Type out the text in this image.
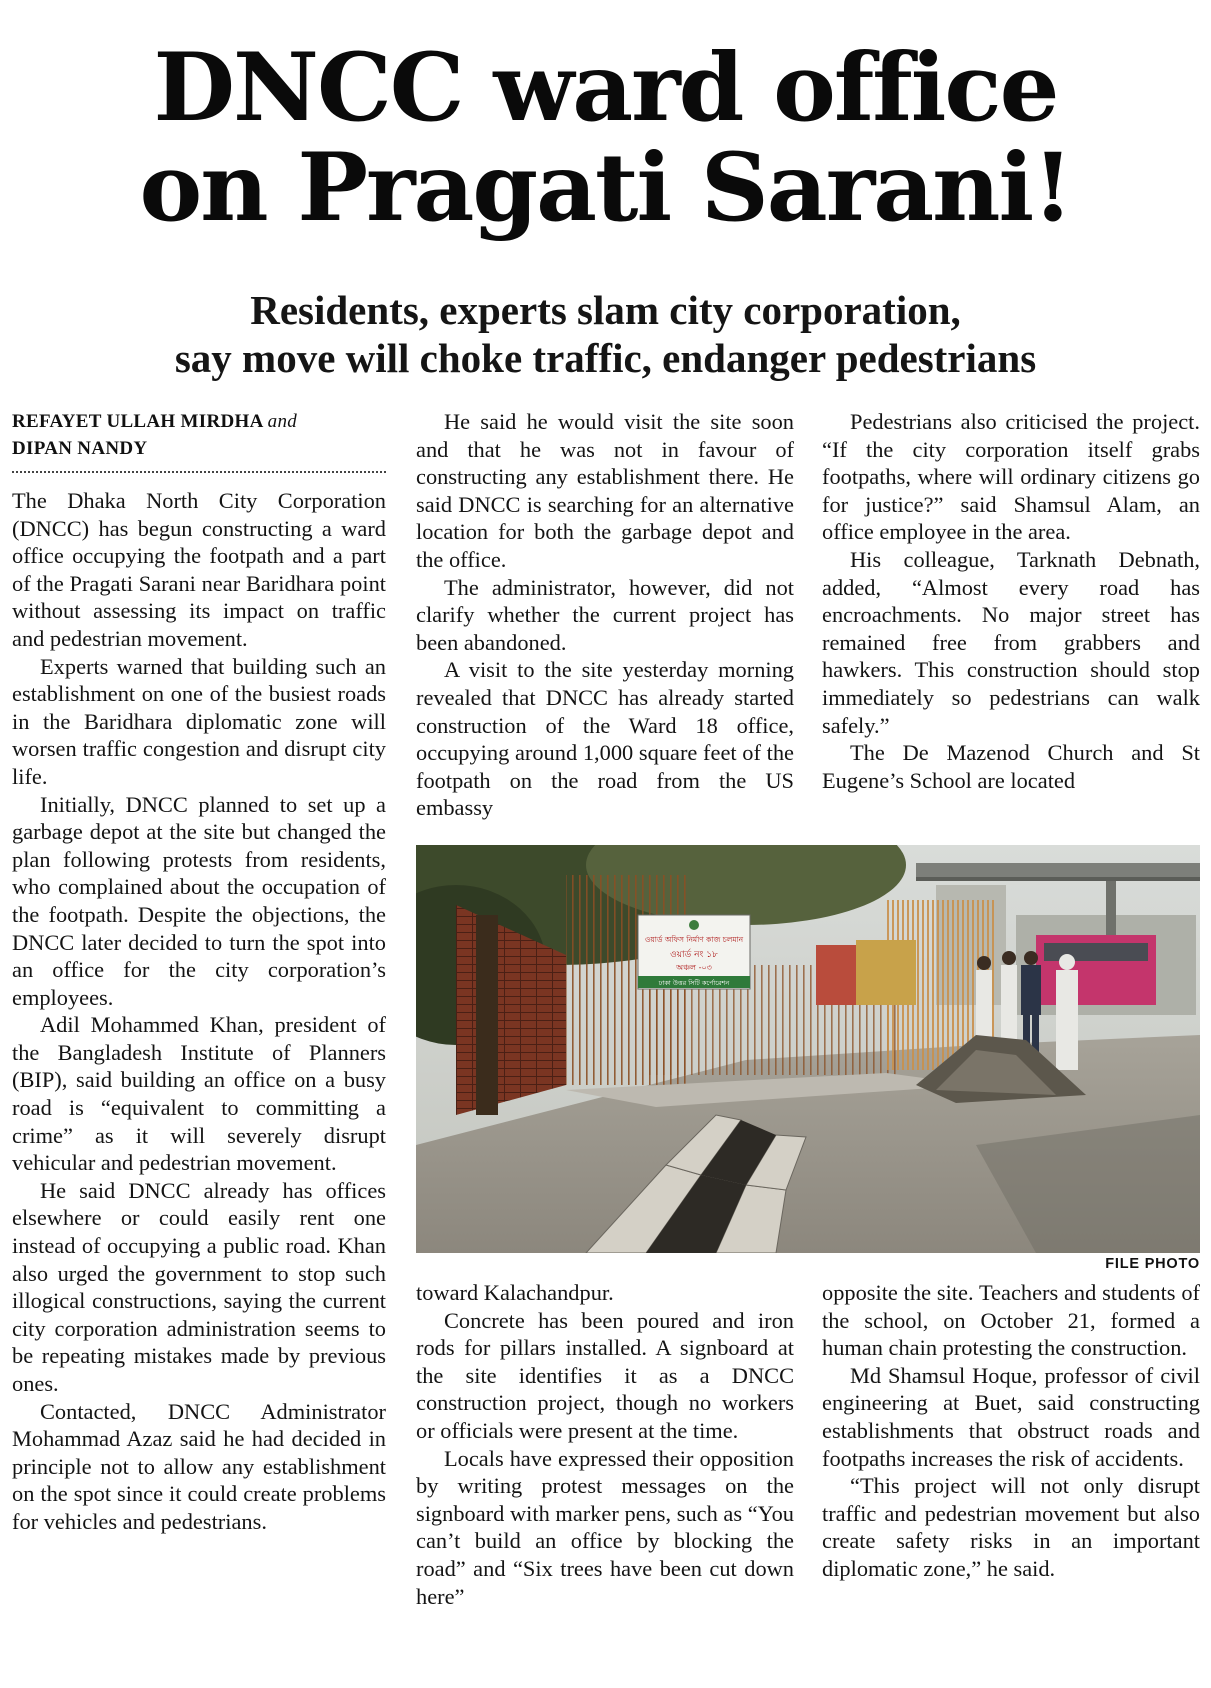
DNCC ward office
on Pragati Sarani!
Residents, experts slam city corporation,
say move will choke traffic, endanger pedestrians
REFAYET ULLAH MIRDHA and
DIPAN NANDY

The Dhaka North City Corporation (DNCC) has begun constructing a ward office occupying the footpath and a part of the Pragati Sarani near Baridhara point without assessing its impact on traffic and pedestrian movement.

Experts warned that building such an establishment on one of the busiest roads in the Baridhara diplomatic zone will worsen traffic congestion and disrupt city life.

Initially, DNCC planned to set up a garbage depot at the site but changed the plan following protests from residents, who complained about the occupation of the footpath. Despite the objections, the DNCC later decided to turn the spot into an office for the city corporation’s employees.

Adil Mohammed Khan, president of the Bangladesh Institute of Planners (BIP), said building an office on a busy road is “equivalent to committing a crime” as it will severely disrupt vehicular and pedestrian movement.

He said DNCC already has offices elsewhere or could easily rent one instead of occupying a public road. Khan also urged the government to stop such illogical constructions, saying the current city corporation administration seems to be repeating mistakes made by previous ones.

Contacted, DNCC Administrator Mohammad Azaz said he had decided in principle not to allow any establishment on the spot since it could create problems for vehicles and pedestrians.

He said he would visit the site soon and that he was not in favour of constructing any establishment there. He said DNCC is searching for an alternative location for both the garbage depot and the office.

The administrator, however, did not clarify whether the current project has been abandoned.

A visit to the site yesterday morning revealed that DNCC has already started construction of the Ward 18 office, occupying around 1,000 square feet of the footpath on the road from the US embassy

Pedestrians also criticised the project. “If the city corporation itself grabs footpaths, where will ordinary citizens go for justice?” said Shamsul Alam, an office employee in the area.

His colleague, Tarknath Debnath, added, “Almost every road has encroachments. No major street has remained free from grabbers and hawkers. This construction should stop immediately so pedestrians can walk safely.”

The De Mazenod Church and St Eugene’s School are located

ওয়ার্ড অফিস নির্মাণ কাজ চলমান
ওয়ার্ড নং ১৮
অঞ্চল -০৩
ঢাকা উত্তর সিটি কর্পোরেশন
FILE PHOTO

toward Kalachandpur.

Concrete has been poured and iron rods for pillars installed. A signboard at the site identifies it as a DNCC construction project, though no workers or officials were present at the time.

Locals have expressed their opposition by writing protest messages on the signboard with marker pens, such as “You can’t build an office by blocking the road” and “Six trees have been cut down here”

opposite the site. Teachers and students of the school, on October 21, formed a human chain protesting the construction.

Md Shamsul Hoque, professor of civil engineering at Buet, said constructing establishments that obstruct roads and footpaths increases the risk of accidents.

“This project will not only disrupt traffic and pedestrian movement but also create safety risks in an important diplomatic zone,” he said.
